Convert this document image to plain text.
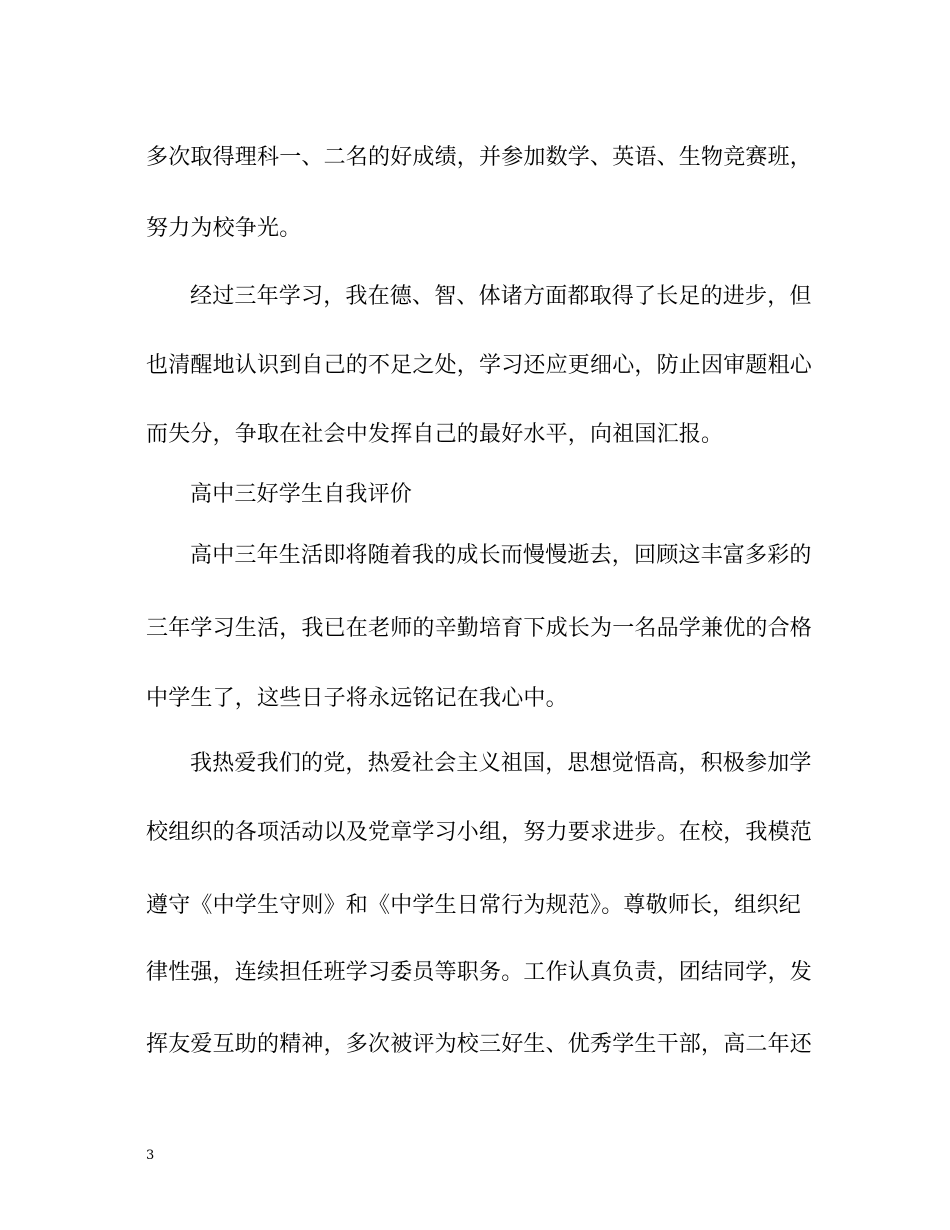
多次取得理科一、二名的好成绩，并参加数学、英语、生物竞赛班，
努力为校争光。
经过三年学习，我在德、智、体诸方面都取得了长足的进步，但
也清醒地认识到自己的不足之处，学习还应更细心，防止因审题粗心
而失分，争取在社会中发挥自己的最好水平，向祖国汇报。
高中三好学生自我评价
高中三年生活即将随着我的成长而慢慢逝去，回顾这丰富多彩的
三年学习生活，我已在老师的辛勤培育下成长为一名品学兼优的合格
中学生了，这些日子将永远铭记在我心中。
我热爱我们的党，热爱社会主义祖国，思想觉悟高，积极参加学
校组织的各项活动以及党章学习小组，努力要求进步。在校，我模范
遵守《中学生守则》和《中学生日常行为规范》。尊敬师长，组织纪
律性强，连续担任班学习委员等职务。工作认真负责，团结同学，发
挥友爱互助的精神，多次被评为校三好生、优秀学生干部，高二年还
3
